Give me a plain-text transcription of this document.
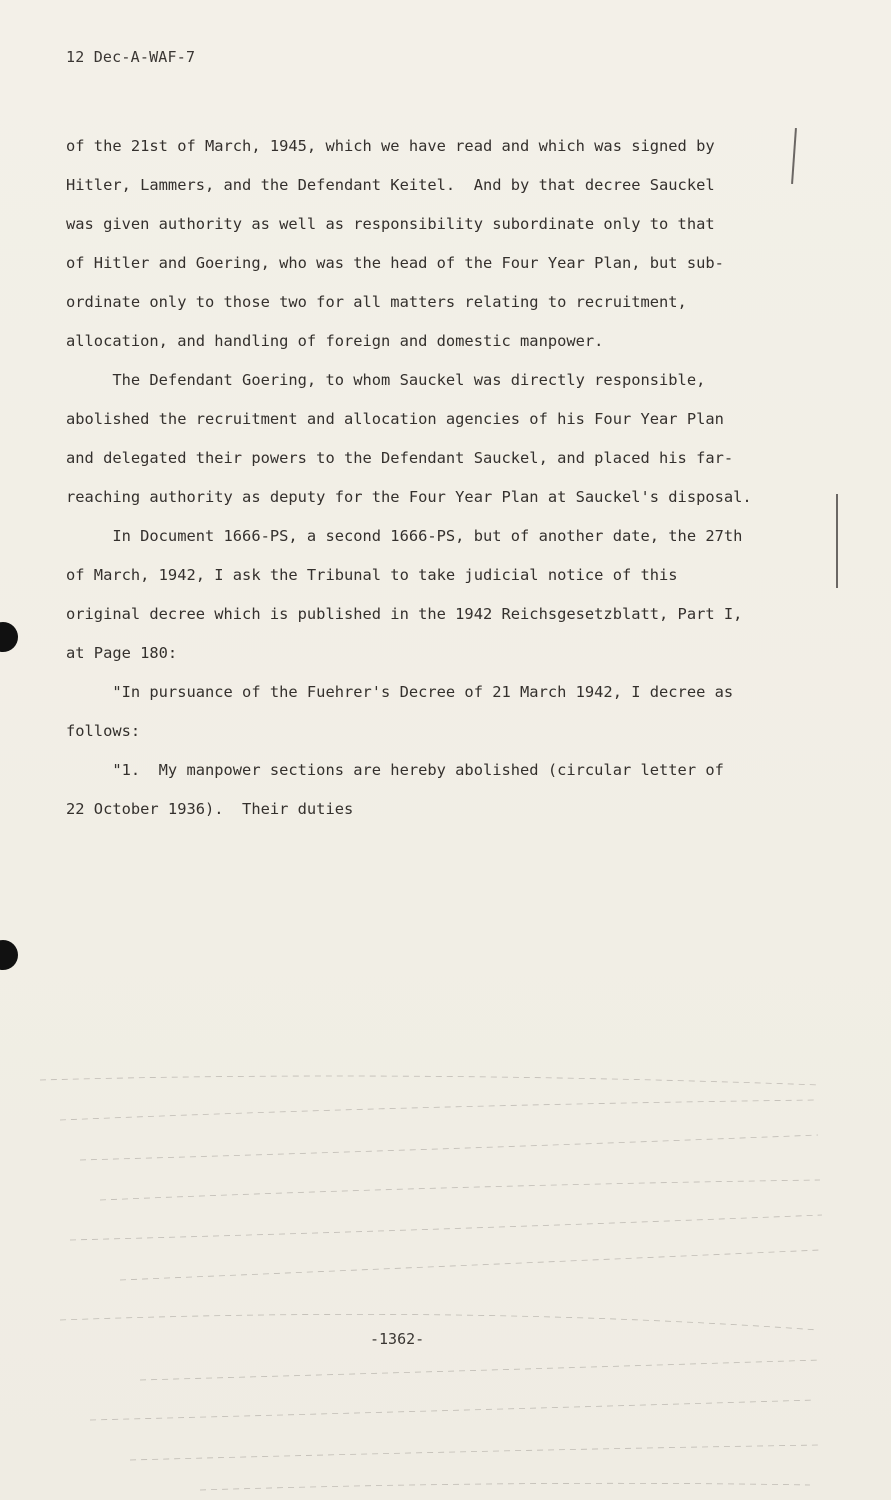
12 Dec-A-WAF-7
of the 21st of March, 1945, which we have read and which was signed by
Hitler, Lammers, and the Defendant Keitel.  And by that decree Sauckel
was given authority as well as responsibility subordinate only to that
of Hitler and Goering, who was the head of the Four Year Plan, but sub-
ordinate only to those two for all matters relating to recruitment,
allocation, and handling of foreign and domestic manpower.
The Defendant Goering, to whom Sauckel was directly responsible,
abolished the recruitment and allocation agencies of his Four Year Plan
and delegated their powers to the Defendant Sauckel, and placed his far-
reaching authority as deputy for the Four Year Plan at Sauckel's disposal.
In Document 1666-PS, a second 1666-PS, but of another date, the 27th
of March, 1942, I ask the Tribunal to take judicial notice of this
original decree which is published in the 1942 Reichsgesetzblatt, Part I,
at Page 180:
"In pursuance of the Fuehrer's Decree of 21 March 1942, I decree as
follows:
"1.  My manpower sections are hereby abolished (circular letter of
22 October 1936).  Their duties
-1362-
